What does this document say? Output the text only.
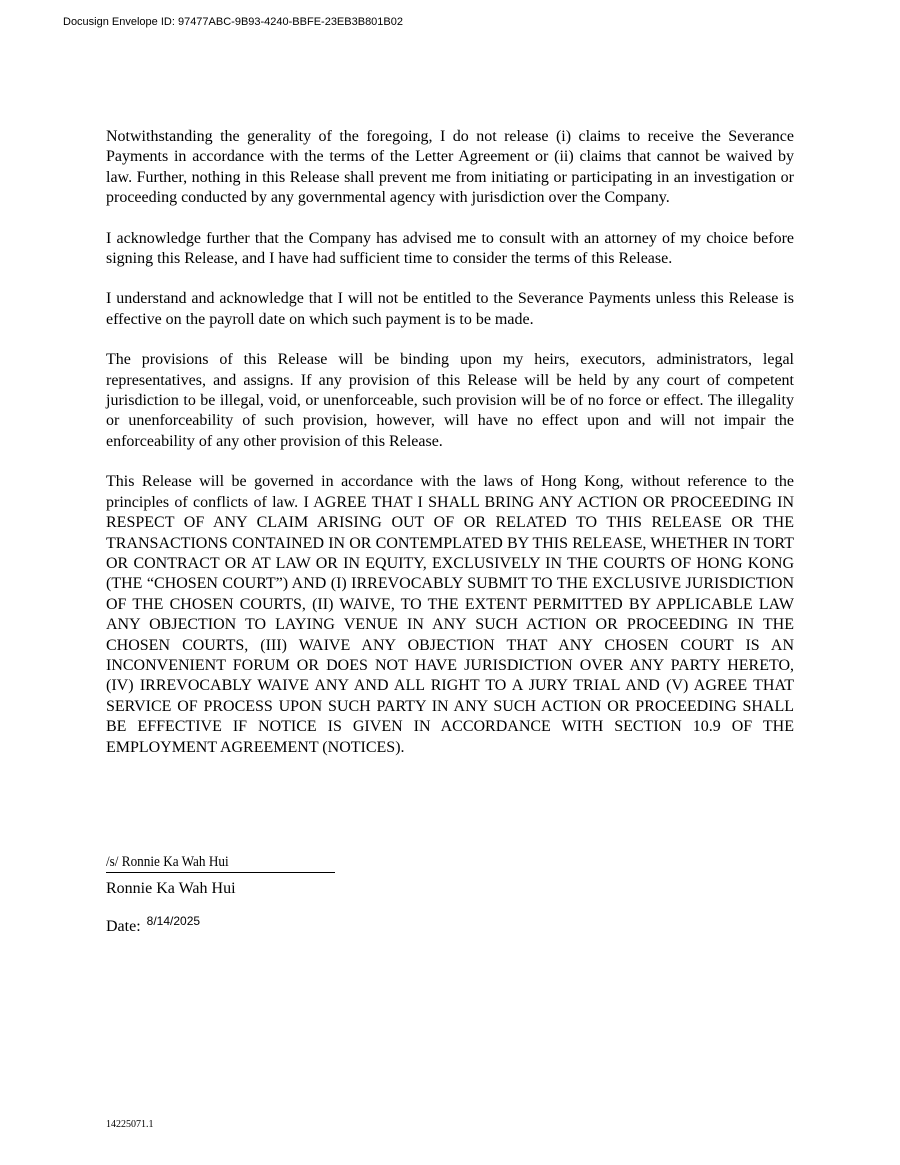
Docusign Envelope ID: 97477ABC-9B93-4240-BBFE-23EB3B801B02

Notwithstanding the generality of the foregoing, I do not release (i) claims to receive the Severance Payments in accordance with the terms of the Letter Agreement or (ii) claims that cannot be waived by law. Further, nothing in this Release shall prevent me from initiating or participating in an investigation or proceeding conducted by any governmental agency with jurisdiction over the Company.

I acknowledge further that the Company has advised me to consult with an attorney of my choice before signing this Release, and I have had sufficient time to consider the terms of this Release.

I understand and acknowledge that I will not be entitled to the Severance Payments unless this Release is effective on the payroll date on which such payment is to be made.

The provisions of this Release will be binding upon my heirs, executors, administrators, legal representatives, and assigns. If any provision of this Release will be held by any court of competent jurisdiction to be illegal, void, or unenforceable, such provision will be of no force or effect. The illegality or unenforceability of such provision, however, will have no effect upon and will not impair the enforceability of any other provision of this Release.

This Release will be governed in accordance with the laws of Hong Kong, without reference to the principles of conflicts of law. I AGREE THAT I SHALL BRING ANY ACTION OR PROCEEDING IN RESPECT OF ANY CLAIM ARISING OUT OF OR RELATED TO THIS RELEASE OR THE TRANSACTIONS CONTAINED IN OR CONTEMPLATED BY THIS RELEASE, WHETHER IN TORT OR CONTRACT OR AT LAW OR IN EQUITY, EXCLUSIVELY IN THE COURTS OF HONG KONG (THE “CHOSEN COURT”) AND (I) IRREVOCABLY SUBMIT TO THE EXCLUSIVE JURISDICTION OF THE CHOSEN COURTS, (II) WAIVE, TO THE EXTENT PERMITTED BY APPLICABLE LAW ANY OBJECTION TO LAYING VENUE IN ANY SUCH ACTION OR PROCEEDING IN THE CHOSEN COURTS, (III) WAIVE ANY OBJECTION THAT ANY CHOSEN COURT IS AN INCONVENIENT FORUM OR DOES NOT HAVE JURISDICTION OVER ANY PARTY HERETO, (IV) IRREVOCABLY WAIVE ANY AND ALL RIGHT TO A JURY TRIAL AND (V) AGREE THAT SERVICE OF PROCESS UPON SUCH PARTY IN ANY SUCH ACTION OR PROCEEDING SHALL BE EFFECTIVE IF NOTICE IS GIVEN IN ACCORDANCE WITH SECTION 10.9 OF THE EMPLOYMENT AGREEMENT (NOTICES).

/s/ Ronnie Ka Wah Hui
Ronnie Ka Wah Hui
Date: $^{8/14/2025}$
14225071.1
